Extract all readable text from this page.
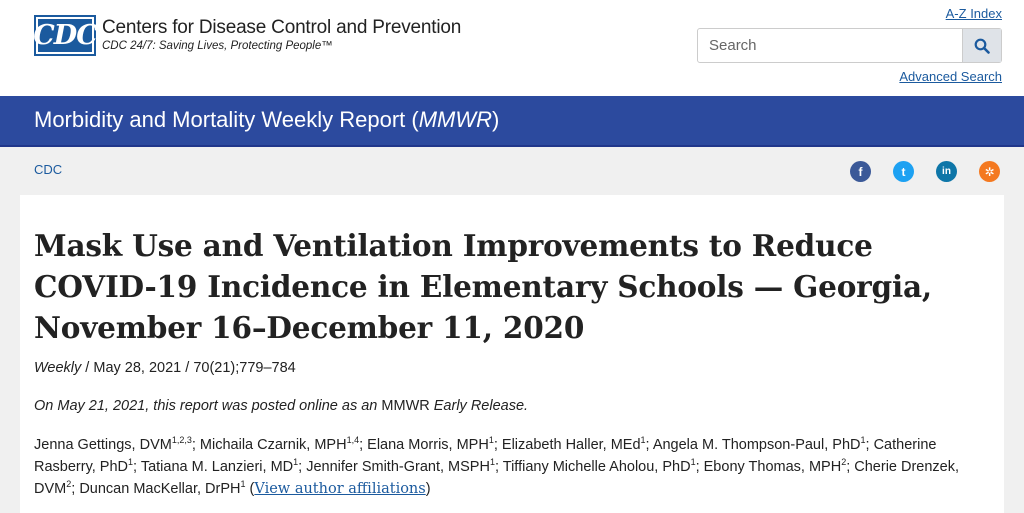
CDC Centers for Disease Control and Prevention
CDC 24/7: Saving Lives, Protecting People™
A-Z Index
Search
Advanced Search
Morbidity and Mortality Weekly Report (MMWR)
CDC	f	t	in	✲
Mask Use and Ventilation Improvements to Reduce COVID-19 Incidence in Elementary Schools — Georgia, November 16–December 11, 2020
Weekly / May 28, 2021 / 70(21);779–784
On May 21, 2021, this report was posted online as an MMWR Early Release.
Jenna Gettings, DVM$^{1,2,3}$; Michaila Czarnik, MPH$^{1,4}$; Elana Morris, MPH$^1$; Elizabeth Haller, MEd$^1$; Angela M. Thompson-Paul, PhD$^1$; Catherine Rasberry, PhD$^1$; Tatiana M. Lanzieri, $MD^1$; Jennifer Smith-Grant, MSPH$^1$; Tiffiany Michelle Aholou, PhD$^1$; Ebony Thomas, MPH$^2$; Cherie Drenzek, DVM$^2$; Duncan MacKellar, DrPH$^1$ (View author affiliations)
